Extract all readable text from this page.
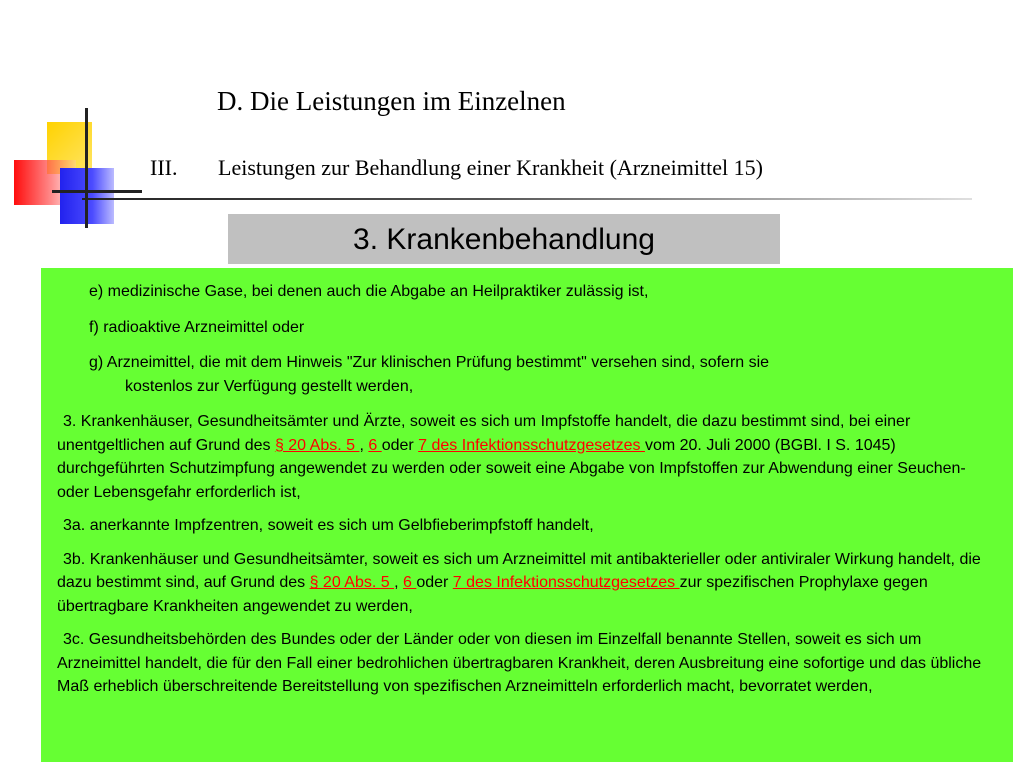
D. Die Leistungen im Einzelnen
III. Leistungen zur Behandlung einer Krankheit (Arzneimittel 15)
3. Krankenbehandlung

e) medizinische Gase, bei denen auch die Abgabe an Heilpraktiker zulässig ist,

f) radioaktive Arzneimittel oder

g) Arzneimittel, die mit dem Hinweis "Zur klinischen Prüfung bestimmt" versehen sind, sofern sie
kostenlos zur Verfügung gestellt werden,

3. Krankenhäuser, Gesundheitsämter und Ärzte, soweit es sich um Impfstoffe handelt, die dazu bestimmt sind, bei einer unentgeltlichen auf Grund des § 20 Abs. 5 , 6 oder 7 des Infektionsschutzgesetzes vom 20. Juli 2000 (BGBl. I S. 1045) durchgeführten Schutzimpfung angewendet zu werden oder soweit eine Abgabe von Impfstoffen zur Abwendung einer Seuchen- oder Lebensgefahr erforderlich ist,

3a. anerkannte Impfzentren, soweit es sich um Gelbfieberimpfstoff handelt,

3b. Krankenhäuser und Gesundheitsämter, soweit es sich um Arzneimittel mit antibakterieller oder antiviraler Wirkung handelt, die dazu bestimmt sind, auf Grund des § 20 Abs. 5 , 6 oder 7 des Infektionsschutzgesetzes zur spezifischen Prophylaxe gegen übertragbare Krankheiten angewendet zu werden,

3c. Gesundheitsbehörden des Bundes oder der Länder oder von diesen im Einzelfall benannte Stellen, soweit es sich um Arzneimittel handelt, die für den Fall einer bedrohlichen übertragbaren Krankheit, deren Ausbreitung eine sofortige und das übliche Maß erheblich überschreitende Bereitstellung von spezifischen Arzneimitteln erforderlich macht, bevorratet werden,
